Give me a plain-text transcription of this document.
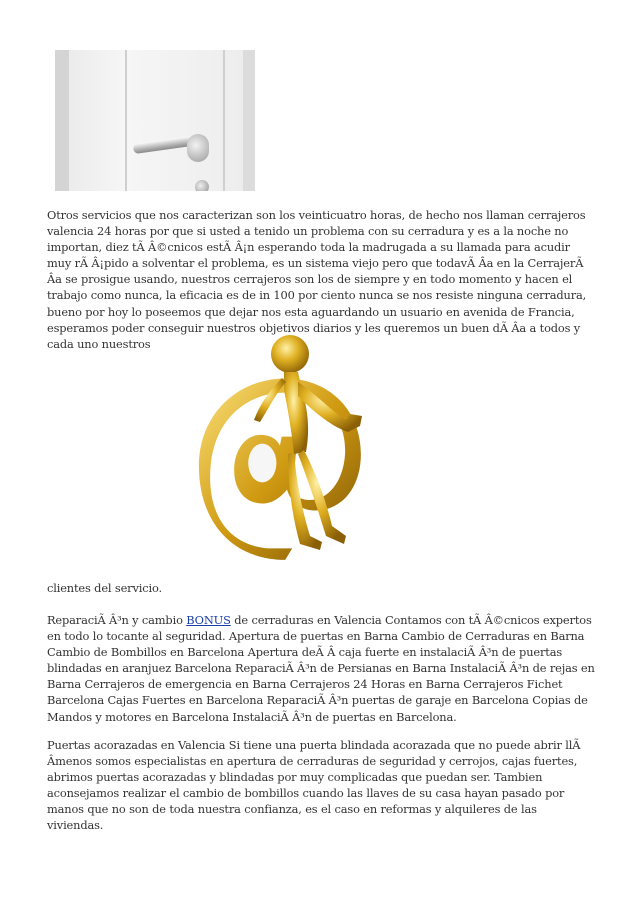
Otros servicios que nos caracterizan son los veinticuatro horas, de hecho nos llaman cerrajeros valencia 24 horas por que si usted a tenido un problema con su cerradura y es a la noche no importan, diez tÃ Â©cnicos estÃ Â¡n esperando toda la madrugada a su llamada para acudir muy rÃ Â¡pido a solventar el problema, es un sistema viejo pero que todavÃ Âa en la CerrajerÃ Âa se prosigue usando, nuestros cerrajeros son los de siempre y en todo momento y hacen el trabajo como nunca, la eficacia es de in 100 por ciento nunca se nos resiste ninguna cerradura, bueno por hoy lo poseemos que dejar nos esta aguardando un usuario en avenida de Francia, esperamos poder conseguir nuestros objetivos diarios y les queremos un buen dÃ Âa a todos y cada uno nuestros

clientes del servicio.

ReparaciÃ Â³n y cambio BONUS de cerraduras en Valencia Contamos con tÃ Â©cnicos expertos en todo lo tocante al seguridad. Apertura de puertas en Barna Cambio de Cerraduras en Barna Cambio de Bombillos en Barcelona Apertura deÃ Â caja fuerte en instalaciÃ Â³n de puertas blindadas en aranjuez Barcelona ReparaciÃ Â³n de Persianas en Barna InstalaciÃ Â³n de rejas en Barna Cerrajeros de emergencia en Barna Cerrajeros 24 Horas en Barna Cerrajeros Fichet Barcelona Cajas Fuertes en Barcelona ReparaciÃ Â³n puertas de garaje en Barcelona Copias de Mandos y motores en Barcelona InstalaciÃ Â³n de puertas en Barcelona.

Puertas acorazadas en Valencia Si tiene una puerta blindada acorazada que no puede abrir llÃ Âmenos somos especialistas en apertura de cerraduras de seguridad y cerrojos, cajas fuertes, abrimos puertas acorazadas y blindadas por muy complicadas que puedan ser. Tambien aconsejamos realizar el cambio de bombillos cuando las llaves de su casa hayan pasado por manos que no son de toda nuestra confianza, es el caso en reformas y alquileres de las viviendas.
